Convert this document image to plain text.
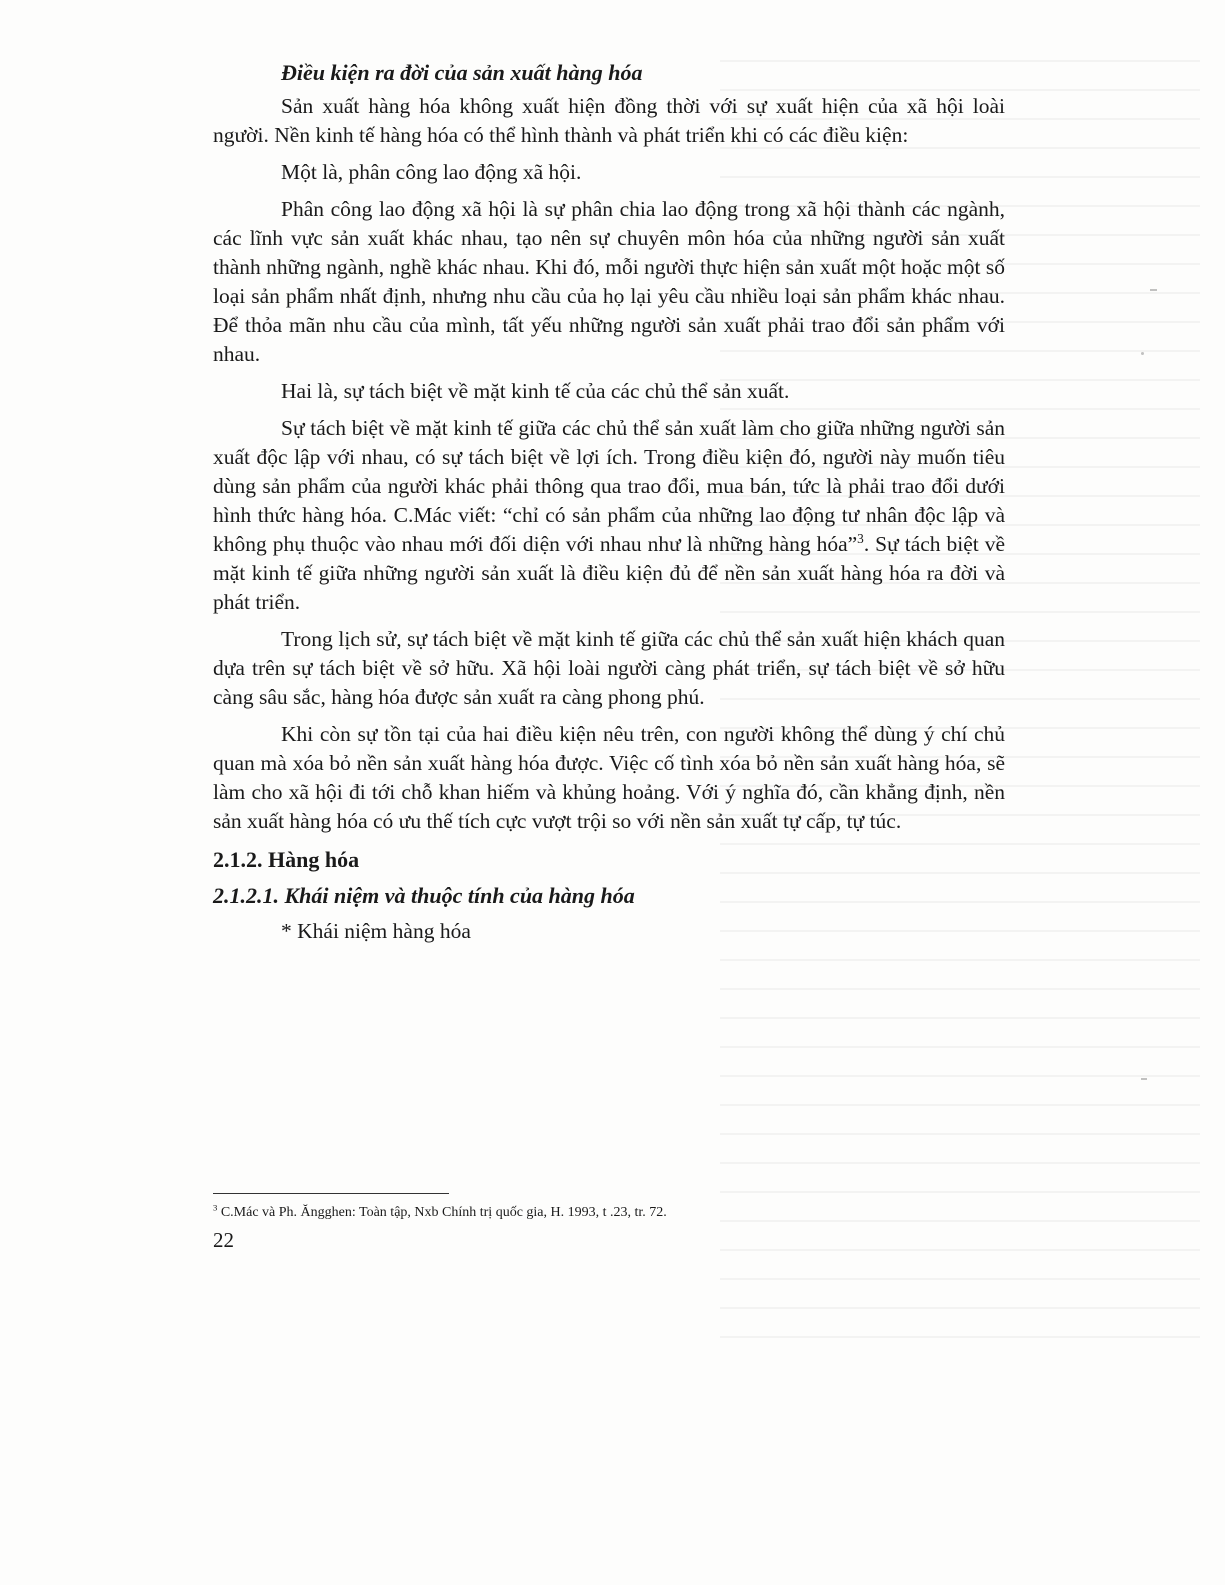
Điều kiện ra đời của sản xuất hàng hóa

Sản xuất hàng hóa không xuất hiện đồng thời với sự xuất hiện của xã hội loài người. Nền kinh tế hàng hóa có thể hình thành và phát triển khi có các điều kiện:

Một là, phân công lao động xã hội.

Phân công lao động xã hội là sự phân chia lao động trong xã hội thành các ngành, các lĩnh vực sản xuất khác nhau, tạo nên sự chuyên môn hóa của những người sản xuất thành những ngành, nghề khác nhau. Khi đó, mỗi người thực hiện sản xuất một hoặc một số loại sản phẩm nhất định, nhưng nhu cầu của họ lại yêu cầu nhiều loại sản phẩm khác nhau. Để thỏa mãn nhu cầu của mình, tất yếu những người sản xuất phải trao đổi sản phẩm với nhau.

Hai là, sự tách biệt về mặt kinh tế của các chủ thể sản xuất.

Sự tách biệt về mặt kinh tế giữa các chủ thể sản xuất làm cho giữa những người sản xuất độc lập với nhau, có sự tách biệt về lợi ích. Trong điều kiện đó, người này muốn tiêu dùng sản phẩm của người khác phải thông qua trao đổi, mua bán, tức là phải trao đổi dưới hình thức hàng hóa. C.Mác viết: “chỉ có sản phẩm của những lao động tư nhân độc lập và không phụ thuộc vào nhau mới đối diện với nhau như là những hàng hóa”$^3$. Sự tách biệt về mặt kinh tế giữa những người sản xuất là điều kiện đủ để nền sản xuất hàng hóa ra đời và phát triển.

Trong lịch sử, sự tách biệt về mặt kinh tế giữa các chủ thể sản xuất hiện khách quan dựa trên sự tách biệt về sở hữu. Xã hội loài người càng phát triển, sự tách biệt về sở hữu càng sâu sắc, hàng hóa được sản xuất ra càng phong phú.

Khi còn sự tồn tại của hai điều kiện nêu trên, con người không thể dùng ý chí chủ quan mà xóa bỏ nền sản xuất hàng hóa được. Việc cố tình xóa bỏ nền sản xuất hàng hóa, sẽ làm cho xã hội đi tới chỗ khan hiếm và khủng hoảng. Với ý nghĩa đó, cần khẳng định, nền sản xuất hàng hóa có ưu thế tích cực vượt trội so với nền sản xuất tự cấp, tự túc.

2.1.2. Hàng hóa
2.1.2.1. Khái niệm và thuộc tính của hàng hóa

* Khái niệm hàng hóa

$^3$ C.Mác và Ph. Ăngghen: Toàn tập, Nxb Chính trị quốc gia, H. 1993, t .23, tr. 72.
22
